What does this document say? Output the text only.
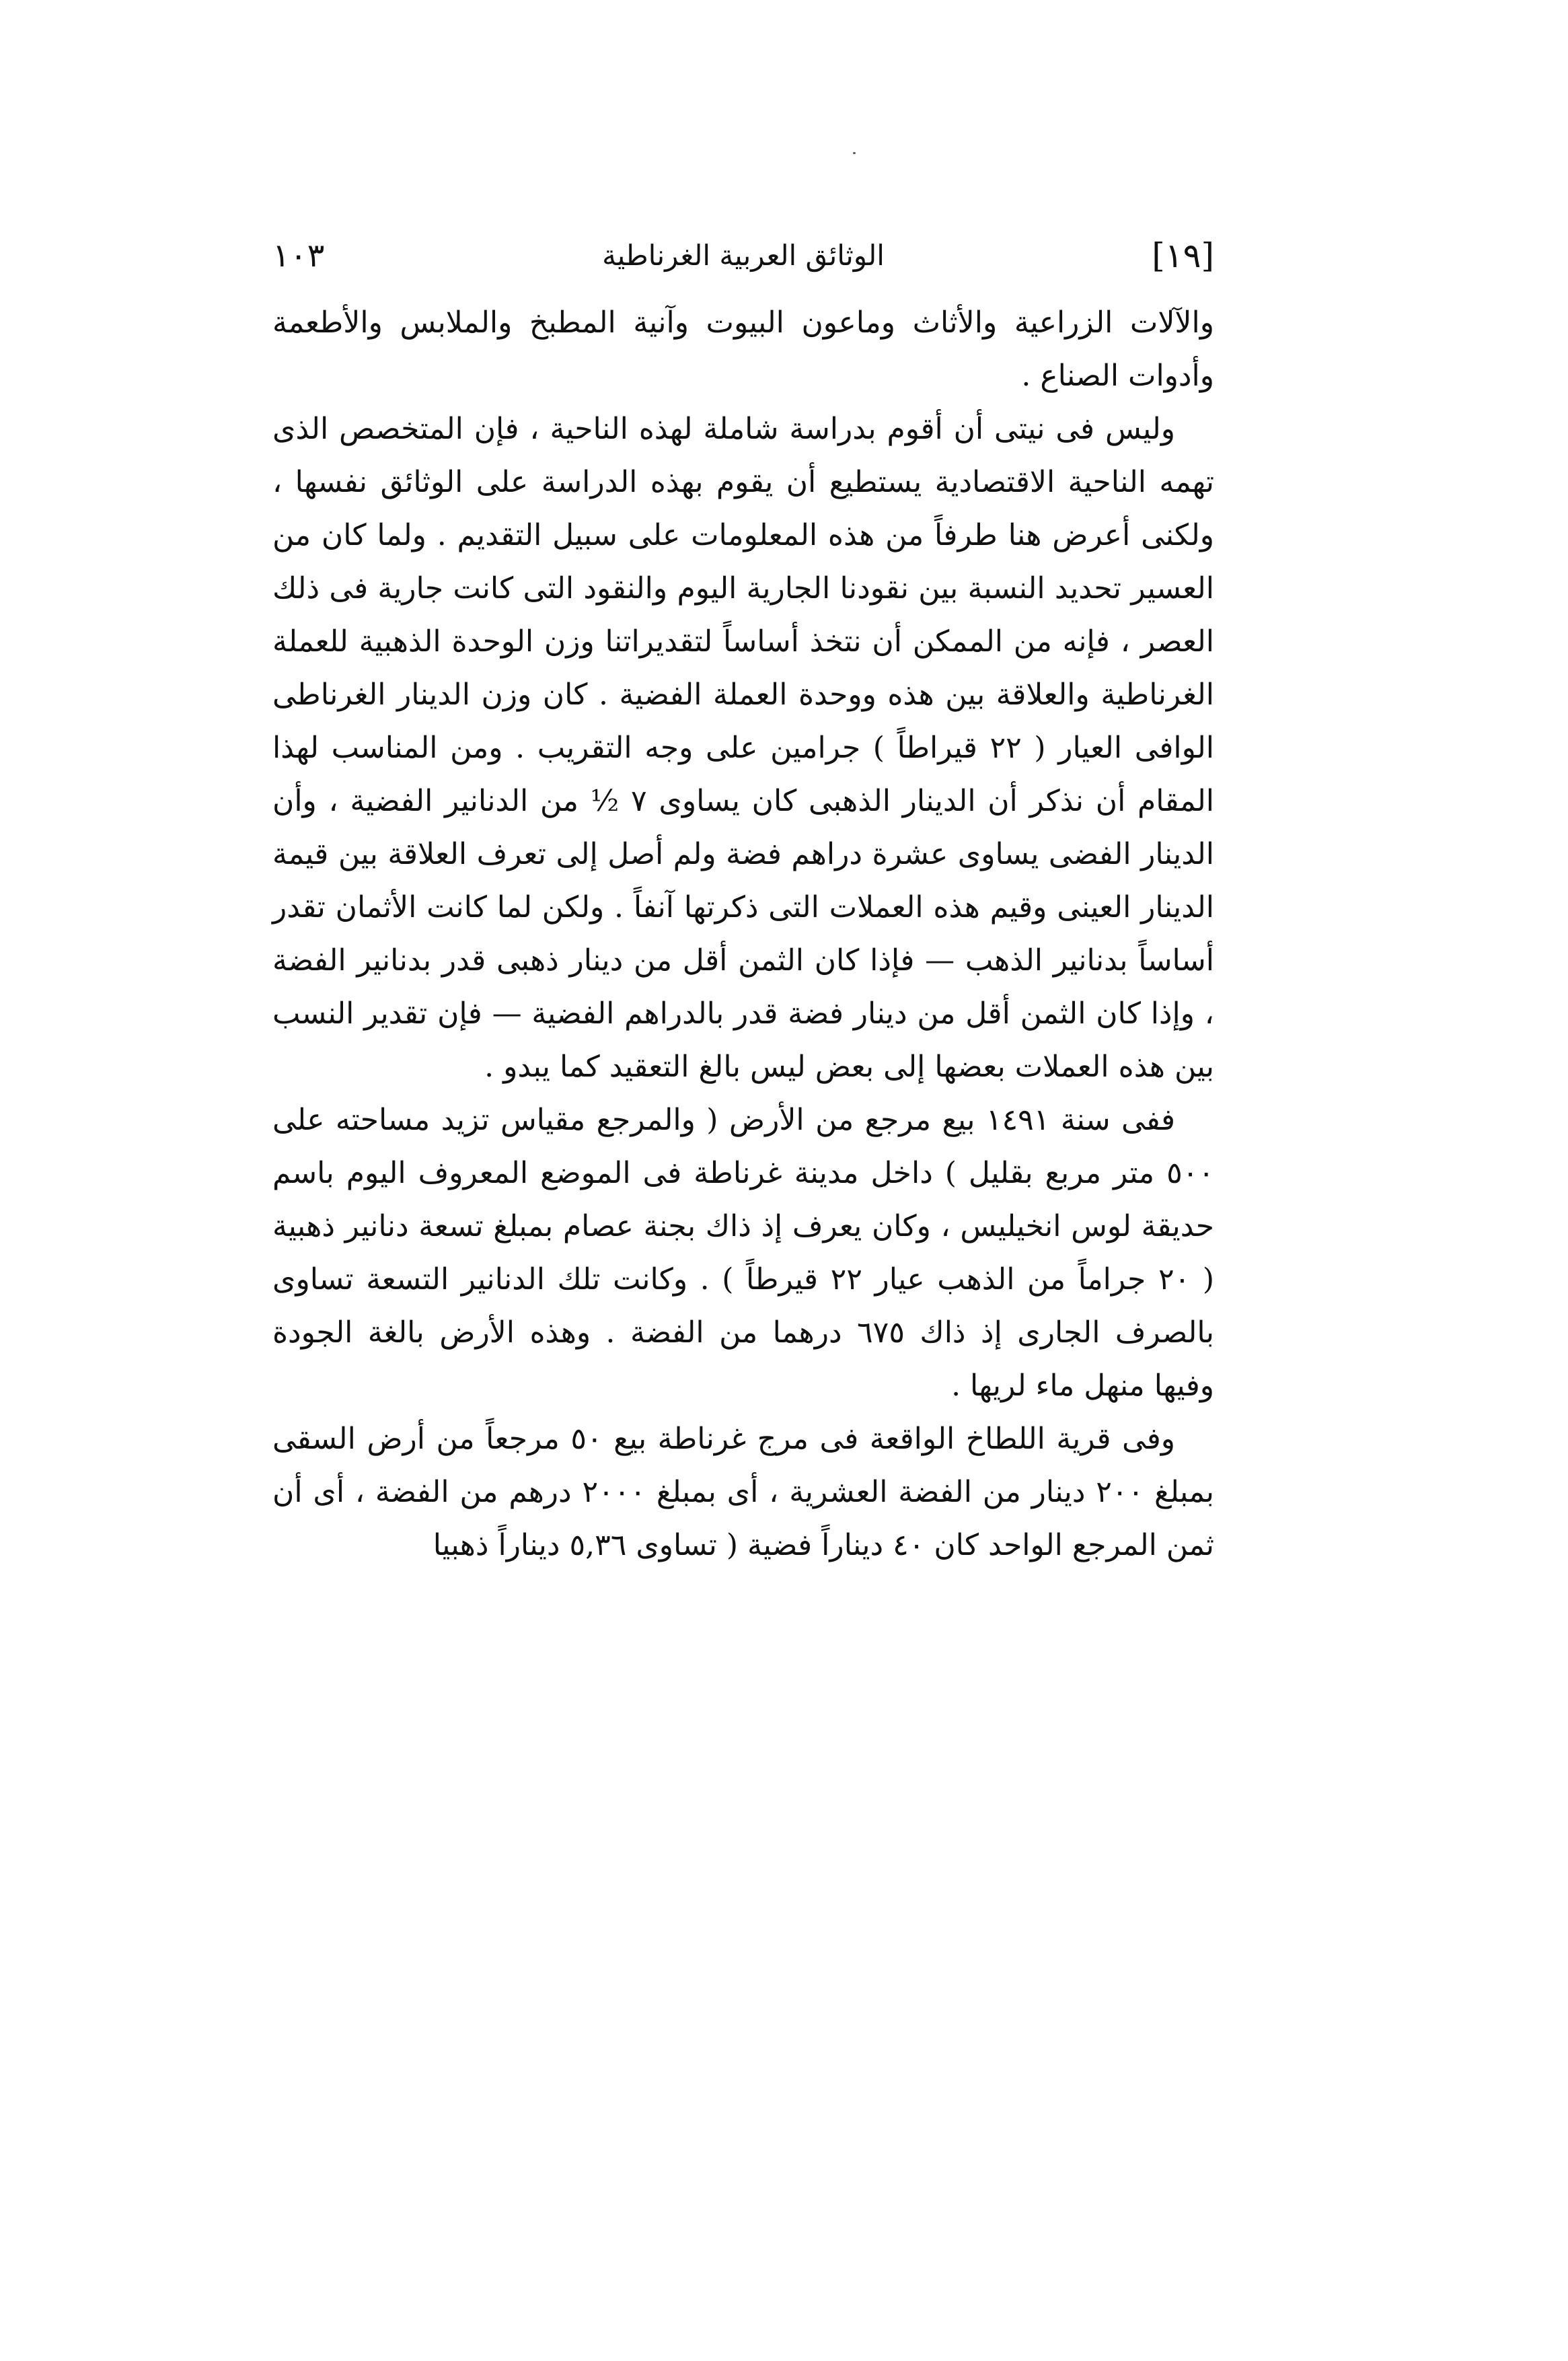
[١٩]
الوثائق العربية الغرناطية
١٠٣

والآلات الزراعية والأثاث وماعون البيوت وآنية المطبخ والملابس والأطعمة وأدوات الصناع .

وليس فى نيتى أن أقوم بدراسة شاملة لهذه الناحية ، فإن المتخصص الذى تهمه الناحية الاقتصادية يستطيع أن يقوم بهذه الدراسة على الوثائق نفسها ، ولكنى أعرض هنا طرفاً من هذه المعلومات على سبيل التقديم . ولما كان من العسير تحديد النسبة بين نقودنا الجارية اليوم والنقود التى كانت جارية فى ذلك العصر ، فإنه من الممكن أن نتخذ أساساً لتقديراتنا وزن الوحدة الذهبية للعملة الغرناطية والعلاقة بين هذه ووحدة العملة الفضية . كان وزن الدينار الغرناطى الوافى العيار ( ٢٢ قيراطاً ) جرامين على وجه التقريب . ومن المناسب لهذا المقام أن نذكر أن الدينار الذهبى كان يساوى ٧ ½ من الدنانير الفضية ، وأن الدينار الفضى يساوى عشرة دراهم فضة ولم أصل إلى تعرف العلاقة بين قيمة الدينار العينى وقيم هذه العملات التى ذكرتها آنفاً . ولكن لما كانت الأثمان تقدر أساساً بدنانير الذهب — فإذا كان الثمن أقل من دينار ذهبى قدر بدنانير الفضة ، وإذا كان الثمن أقل من دينار فضة قدر بالدراهم الفضية — فإن تقدير النسب بين هذه العملات بعضها إلى بعض ليس بالغ التعقيد كما يبدو .

ففى سنة ١٤٩١ بيع مرجع من الأرض ( والمرجع مقياس تزيد مساحته على ٥٠٠ متر مربع بقليل ) داخل مدينة غرناطة فى الموضع المعروف اليوم باسم حديقة لوس انخيليس ، وكان يعرف إذ ذاك بجنة عصام بمبلغ تسعة دنانير ذهبية ( ٢٠ جراماً من الذهب عيار ٢٢ قيرطاً ) . وكانت تلك الدنانير التسعة تساوى بالصرف الجارى إذ ذاك ٦٧٥ درهما من الفضة . وهذه الأرض بالغة الجودة وفيها منهل ماء لريها .

وفى قرية اللطاخ الواقعة فى مرج غرناطة بيع ٥٠ مرجعاً من أرض السقى بمبلغ ٢٠٠ دينار من الفضة العشرية ، أى بمبلغ ٢٠٠٠ درهم من الفضة ، أى أن ثمن المرجع الواحد كان ٤٠ ديناراً فضية ( تساوى ٥,٣٦ ديناراً ذهبيا
